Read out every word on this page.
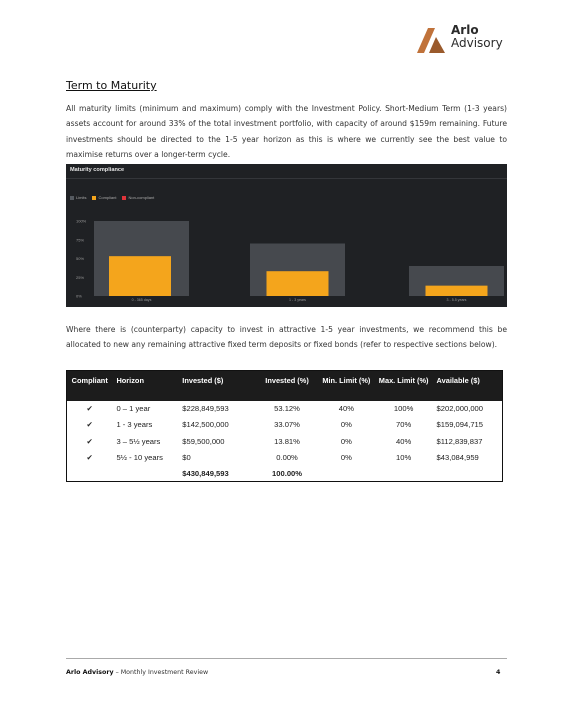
Arlo
Advisory
Term to Maturity
All maturity limits (minimum and maximum) comply with the Investment Policy. Short-Medium Term (1-3 years) assets account for around 33% of the total investment portfolio, with capacity of around $159m remaining. Future investments should be directed to the 1-5 year horizon as this is where we currently see the best value to maximise returns over a longer-term cycle.
Maturity compliance
Limits	Compliant	Non-compliant
0%
25%
50%
75%
100%
0 - 365 days	1 - 3 years	3 - 5.5 years
Where there is (counterparty) capacity to invest in attractive 1-5 year investments, we recommend this be allocated to new any remaining attractive fixed term deposits or fixed bonds (refer to respective sections below).
Compliant	Horizon	Invested ($)	Invested (%)	Min. Limit (%)	Max. Limit (%)	Available ($)
✔	0 – 1 year	$228,849,593	53.12%	40%	100%	$202,000,000
✔	1 - 3 years	$142,500,000	33.07%	0%	70%	$159,094,715
✔	3 – 5½ years	$59,500,000	13.81%	0%	40%	$112,839,837
✔	5½ - 10 years	$0	0.00%	0%	10%	$43,084,959
		$430,849,593	100.00%			
Arlo Advisory – Monthly Investment Review	4
